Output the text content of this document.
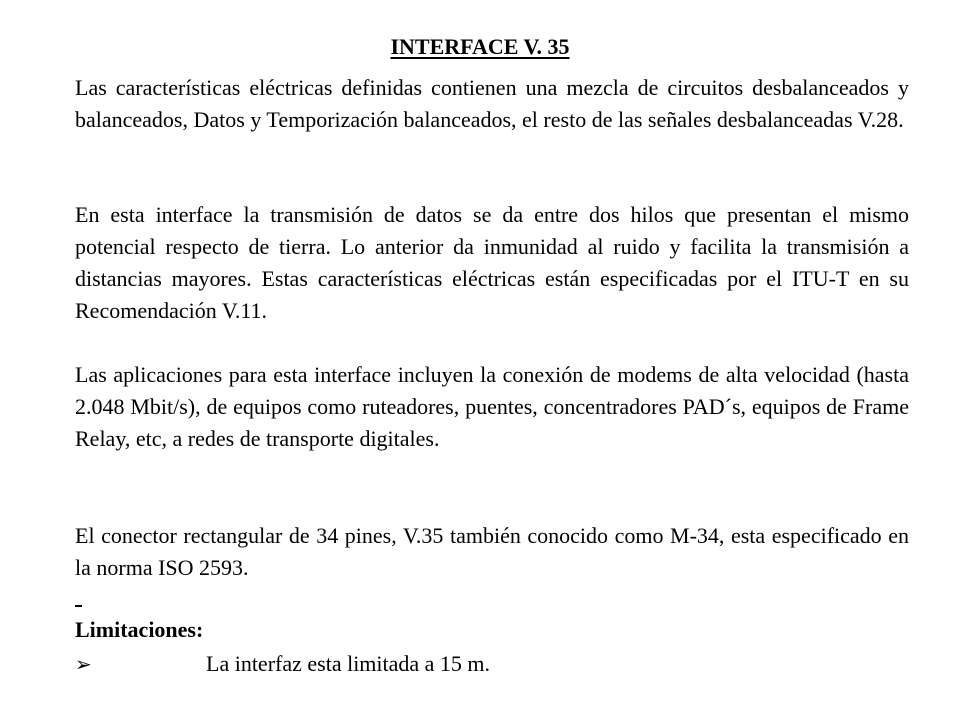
INTERFACE V. 35

Las características eléctricas definidas contienen una mezcla de circuitos desbalanceados y balanceados, Datos y Temporización balanceados, el resto de las señales desbalanceadas V.28.

En esta interface la transmisión de datos se da entre dos hilos que presentan el mismo potencial respecto de tierra. Lo anterior da inmunidad al ruido y facilita la transmisión a distancias mayores. Estas características eléctricas están especificadas por el ITU-T en su Recomendación V.11.

Las aplicaciones para esta interface incluyen la conexión de modems de alta velocidad (hasta 2.048 Mbit/s), de equipos como ruteadores, puentes, concentradores PAD´s, equipos de Frame Relay, etc, a redes de transporte digitales.

El conector rectangular de 34 pines, V.35 también conocido como M-34, esta especificado en la norma ISO 2593.

Limitaciones:
➢	La interfaz esta limitada a 15 m.
